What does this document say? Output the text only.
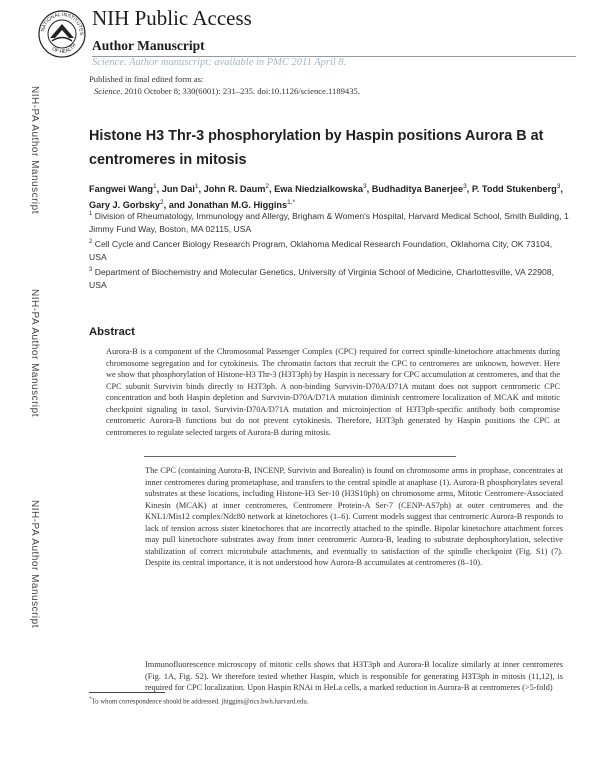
NATIONAL INSTITUTES
OF HEALTH
NIH Public Access
Author Manuscript
Science. Author manuscript; available in PMC 2011 April 8.
Published in final edited form as:
Science. 2010 October 8; 330(6001): 231–235. doi:10.1126/science.1189435.
NIH-PA Author Manuscript
NIH-PA Author Manuscript
NIH-PA Author Manuscript
Histone H3 Thr-3 phosphorylation by Haspin positions Aurora B at centromeres in mitosis
Fangwei Wang$^1$, Jun Dai$^1$, John R. Daum$^2$, Ewa Niedzialkowska$^3$, Budhaditya Banerjee$^3$, P. Todd Stukenberg$^3$, Gary J. Gorbsky$^2$, and Jonathan M.G. Higgins$^{1,*}$
$^1$ Division of Rheumatology, Immunology and Allergy, Brigham & Women's Hospital, Harvard Medical School, Smith Building, 1 Jimmy Fund Way, Boston, MA 02115, USA
$^2$ Cell Cycle and Cancer Biology Research Program, Oklahoma Medical Research Foundation, Oklahoma City, OK 73104, USA
$^3$ Department of Biochemistry and Molecular Genetics, University of Virginia School of Medicine, Charlottesville, VA 22908, USA
Abstract
Aurora-B is a component of the Chromosomal Passenger Complex (CPC) required for correct spindle-kinetochore attachments during chromosome segregation and for cytokinesis. The chromatin factors that recruit the CPC to centromeres are unknown, however. Here we show that phosphorylation of Histone-H3 Thr-3 (H3T3ph) by Haspin is necessary for CPC accumulation at centromeres, and that the CPC subunit Survivin binds directly to H3T3ph. A non-binding Survivin-D70A/D71A mutant does not support centromeric CPC concentration and both Haspin depletion and Survivin-D70A/D71A mutation diminish centromere localization of MCAK and mitotic checkpoint signaling in taxol. Survivin-D70A/D71A mutation and microinjection of H3T3ph-specific antibody both compromise centromeric Aurora-B functions but do not prevent cytokinesis. Therefore, H3T3ph generated by Haspin positions the CPC at centromeres to regulate selected targets of Aurora-B during mitosis.
The CPC (containing Aurora-B, INCENP, Survivin and Borealin) is found on chromosome arms in prophase, concentrates at inner centromeres during prometaphase, and transfers to the central spindle at anaphase (1). Aurora-B phosphorylates several substrates at these locations, including Histone-H3 Ser-10 (H3S10ph) on chromosome arms, Mitotic Centromere-Associated Kinesin (MCAK) at inner centromeres, Centromere Protein-A Ser-7 (CENP-AS7ph) at outer centromeres and the KNL1/Mis12 complex/Ndc80 network at kinetochores (1–6). Current models suggest that centromeric Aurora-B responds to lack of tension across sister kinetochores that are incorrectly attached to the spindle. Bipolar kinetochore attachment forces may pull kinetochore substrates away from inner centromeric Aurora-B, leading to substrate dephosphorylation, selective stabilization of correct microtubule attachments, and eventually to satisfaction of the spindle checkpoint (Fig. S1) (7). Despite its central importance, it is not understood how Aurora-B accumulates at centromeres (8–10).
Immunofluorescence microscopy of mitotic cells shows that H3T3ph and Aurora-B localize similarly at inner centromeres (Fig. 1A, Fig. S2). We therefore tested whether Haspin, which is responsible for generating H3T3ph in mitosis (11,12), is required for CPC localization. Upon Haspin RNAi in HeLa cells, a marked reduction in Aurora-B at centromeres (>5-fold)
*To whom correspondence should be addressed. jhiggins@rics.bwh.harvard.edu.
